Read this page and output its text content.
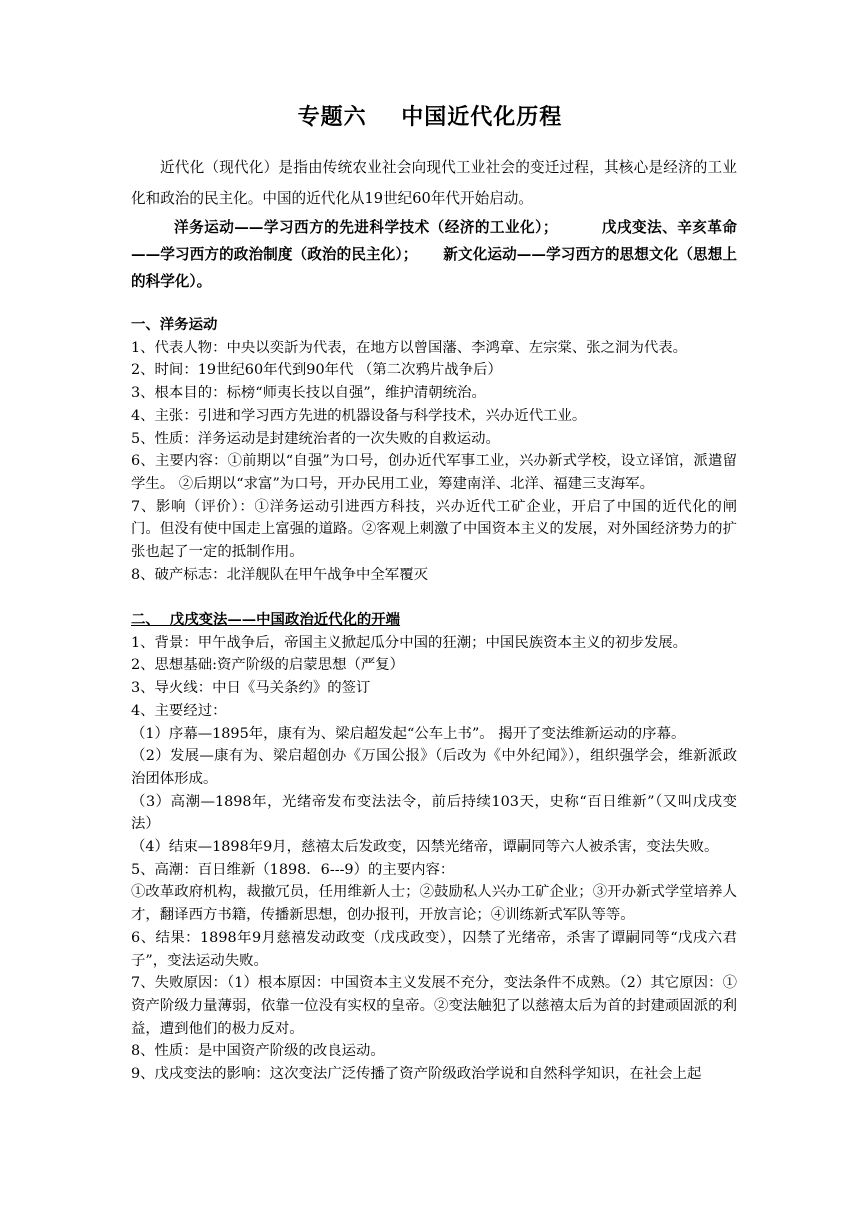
专题六    中国近代化历程
近代化（现代化）是指由传统农业社会向现代工业社会的变迁过程，其核心是经济的工业化和政治的民主化。中国的近代化从19世纪60年代开始启动。
洋务运动——学习西方的先进科学技术（经济的工业化）；        戊戌变法、辛亥革命——学习西方的政治制度（政治的民主化）；     新文化运动——学习西方的思想文化（思想上的科学化）。
一、洋务运动
1、代表人物：中央以奕訢为代表，在地方以曾国藩、李鸿章、左宗棠、张之洞为代表。
2、时间：19世纪60年代到90年代 （第二次鸦片战争后）
3、根本目的：标榜“师夷长技以自强”，维护清朝统治。
4、主张：引进和学习西方先进的机器设备与科学技术，兴办近代工业。
5、性质：洋务运动是封建统治者的一次失败的自救运动。
6、主要内容：①前期以“自强”为口号，创办近代军事工业，兴办新式学校，设立译馆，派遣留学生。 ②后期以“求富”为口号，开办民用工业，筹建南洋、北洋、福建三支海军。
7、影响（评价）：①洋务运动引进西方科技，兴办近代工矿企业，开启了中国的近代化的闸门。但没有使中国走上富强的道路。②客观上刺激了中国资本主义的发展，对外国经济势力的扩张也起了一定的抵制作用。
8、破产标志：北洋舰队在甲午战争中全军覆灭
二、  戊戌变法——中国政治近代化的开端
1、背景：甲午战争后，帝国主义掀起瓜分中国的狂潮；中国民族资本主义的初步发展。
2、思想基础:资产阶级的启蒙思想（严复）
3、导火线：中日《马关条约》的签订
4、主要经过：
（1）序幕—1895年，康有为、梁启超发起“公车上书”。 揭开了变法维新运动的序幕。
（2）发展—康有为、梁启超创办《万国公报》（后改为《中外纪闻》），组织强学会，维新派政治团体形成。
（3）高潮—1898年，光绪帝发布变法法令，前后持续103天，史称“百日维新”（又叫戊戌变法）
（4）结束—1898年9月，慈禧太后发政变，囚禁光绪帝，谭嗣同等六人被杀害，变法失败。
5、高潮：百日维新（1898．6---9）的主要内容：
①改革政府机构，裁撤冗员，任用维新人士；②鼓励私人兴办工矿企业；③开办新式学堂培养人才，翻译西方书籍，传播新思想，创办报刊，开放言论；④训练新式军队等等。
6、结果：1898年9月慈禧发动政变（戊戌政变），囚禁了光绪帝，杀害了谭嗣同等“戊戌六君子”，变法运动失败。
7、失败原因：（1）根本原因：中国资本主义发展不充分，变法条件不成熟。（2）其它原因：①资产阶级力量薄弱，依靠一位没有实权的皇帝。②变法触犯了以慈禧太后为首的封建顽固派的利益，遭到他们的极力反对。
8、性质：是中国资产阶级的改良运动。
9、戊戌变法的影响：这次变法广泛传播了资产阶级政治学说和自然科学知识，在社会上起
